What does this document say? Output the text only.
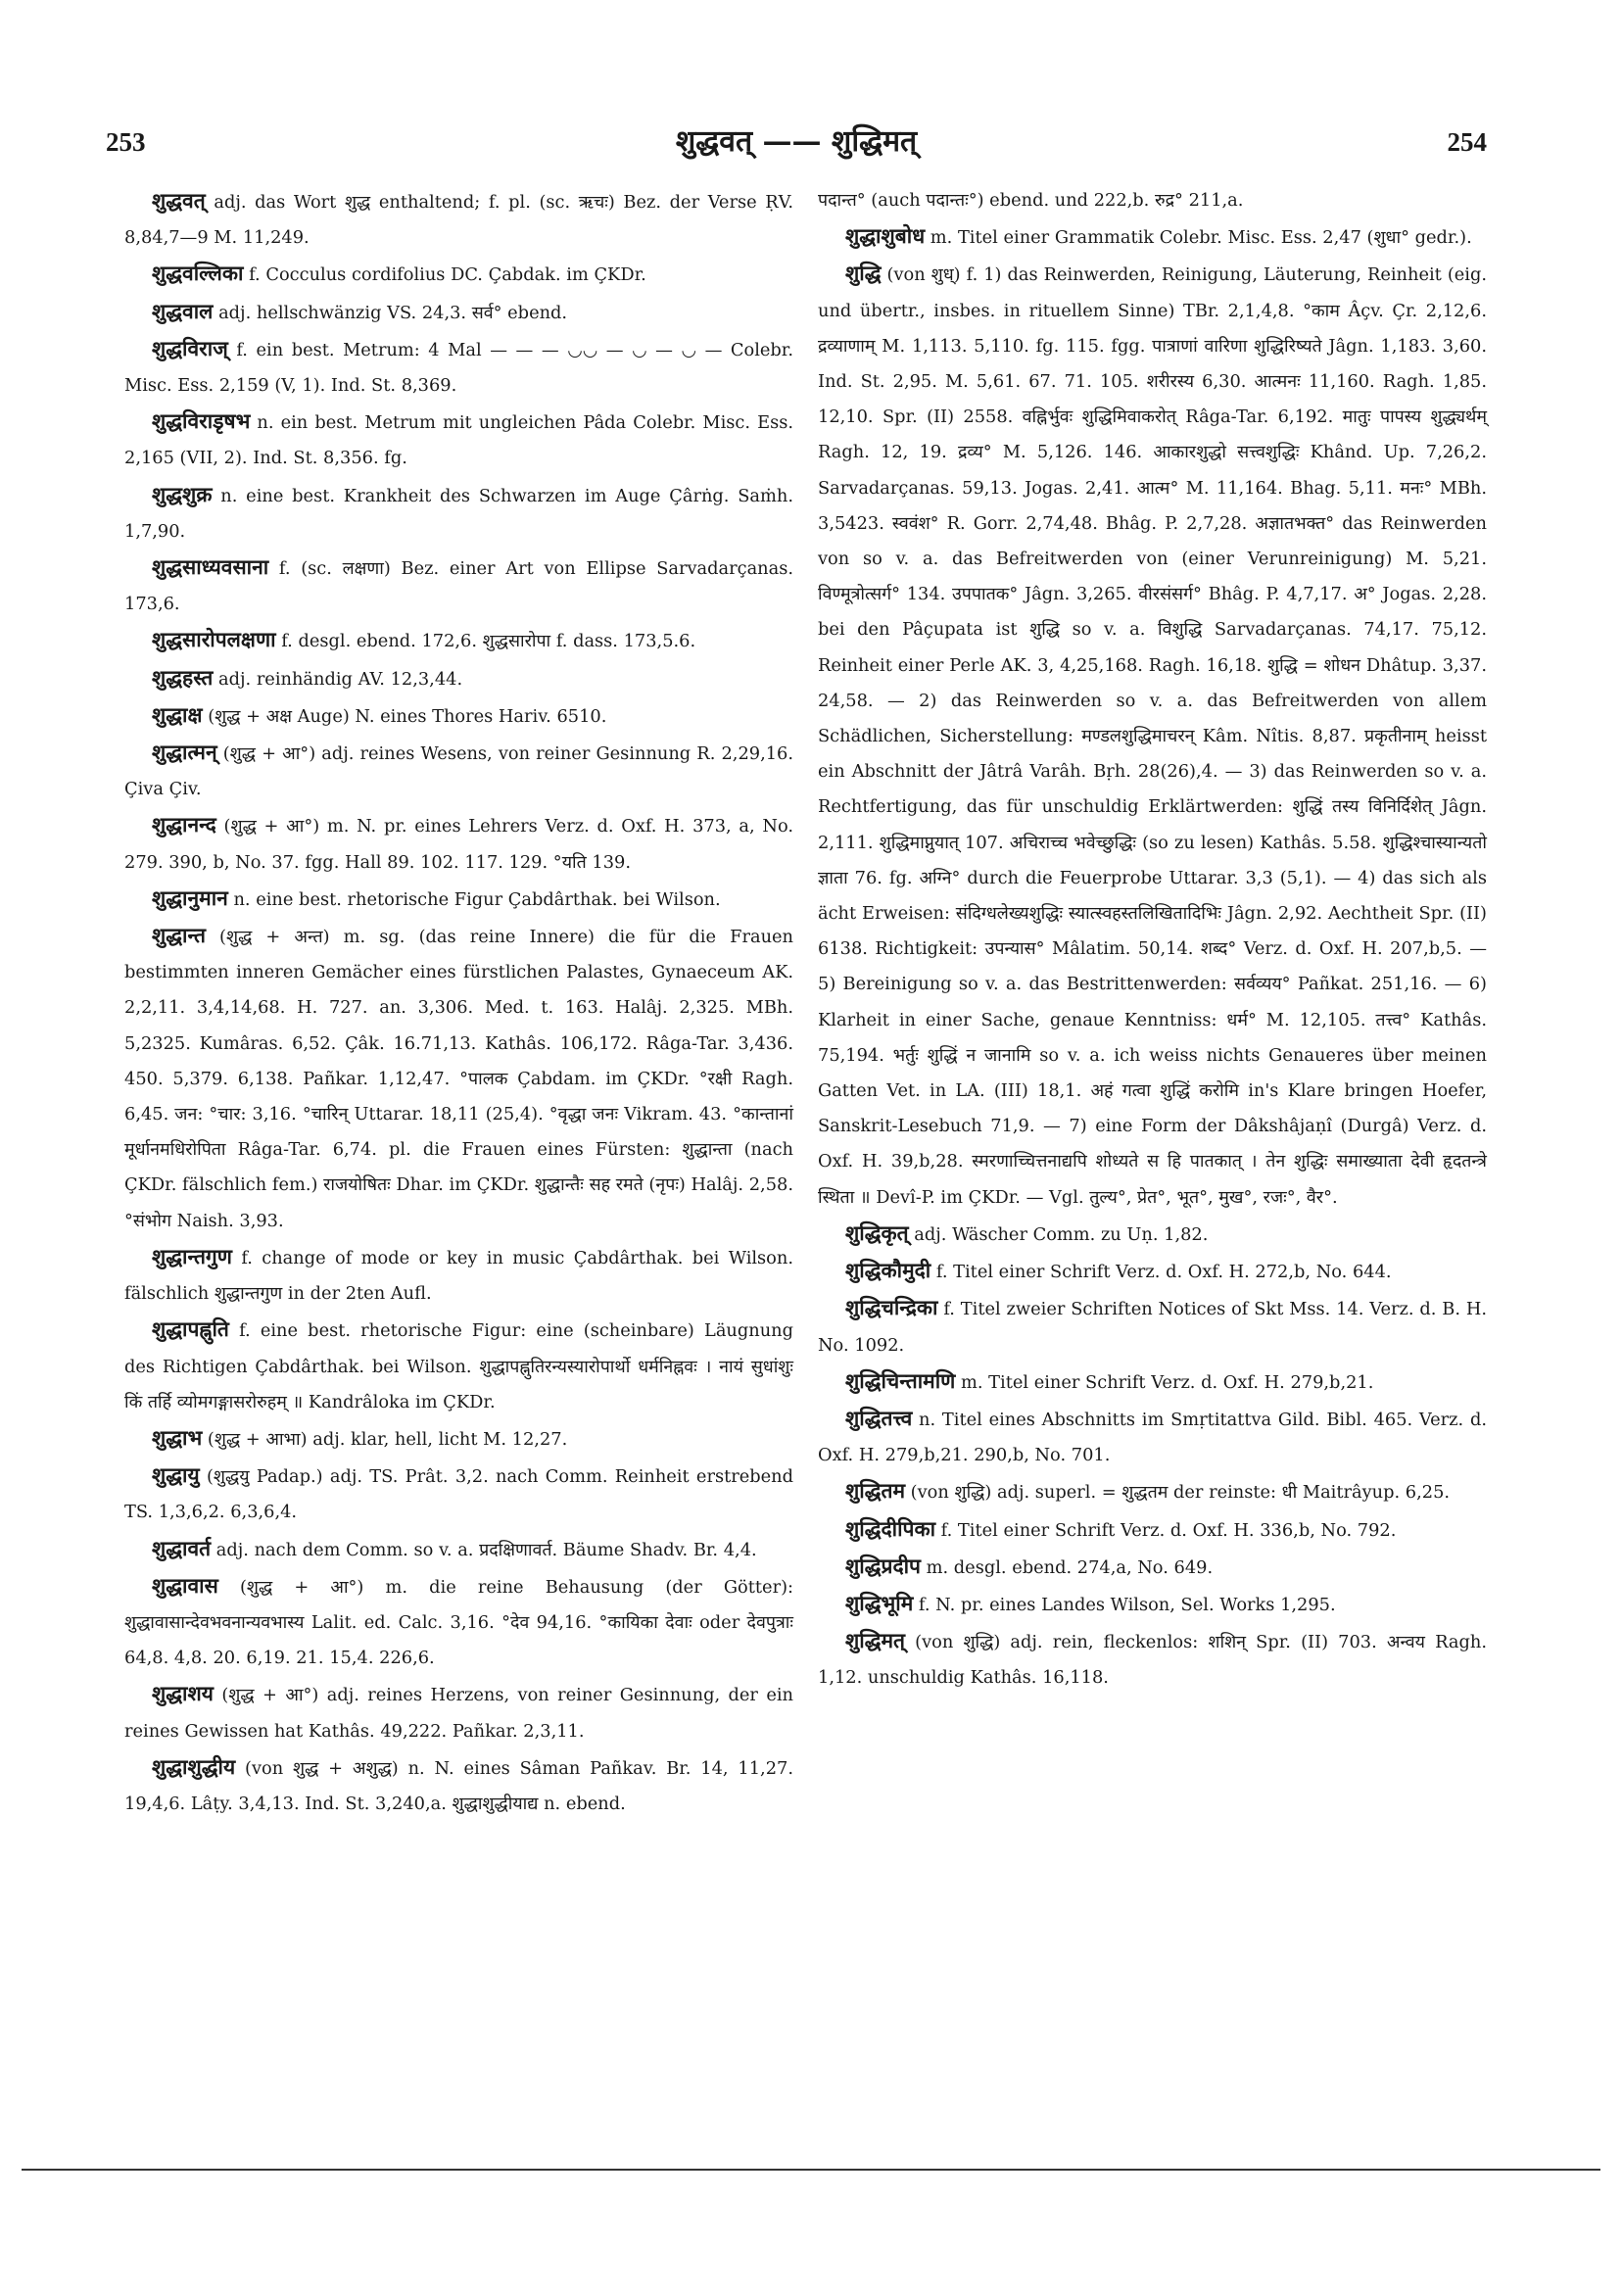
253	शुद्धवत् —— शुद्धिमत्	254

शुद्धवत् adj. das Wort शुद्ध enthaltend; f. pl. (sc. ऋचः) Bez. der Verse ṚV. 8,84,7—9 M. 11,249.

शुद्धवल्लिका f. Cocculus cordifolius DC. Çabdak. im ÇKDr.

शुद्धवाल adj. hellschwänzig VS. 24,3. सर्व° ebend.

शुद्धविराज् f. ein best. Metrum: 4 Mal — — — ◡◡ — ◡ — ◡ — Colebr. Misc. Ess. 2,159 (V, 1). Ind. St. 8,369.

शुद्धविराडृषभ n. ein best. Metrum mit ungleichen Pâda Colebr. Misc. Ess. 2,165 (VII, 2). Ind. St. 8,356. fg.

शुद्धशुक्र n. eine best. Krankheit des Schwarzen im Auge Çârṅg. Saṁh. 1,7,90.

शुद्धसाध्यवसाना f. (sc. लक्षणा) Bez. einer Art von Ellipse Sarvadarçanas. 173,6.

शुद्धसारोपलक्षणा f. desgl. ebend. 172,6. शुद्धसारोपा f. dass. 173,5.6.

शुद्धहस्त adj. reinhändig AV. 12,3,44.

शुद्धाक्ष (शुद्ध + अक्ष Auge) N. eines Thores Hariv. 6510.

शुद्धात्मन् (शुद्ध + आ°) adj. reines Wesens, von reiner Gesinnung R. 2,29,16. Çiva Çiv.

शुद्धानन्द (शुद्ध + आ°) m. N. pr. eines Lehrers Verz. d. Oxf. H. 373, a, No. 279. 390, b, No. 37. fgg. Hall 89. 102. 117. 129. °यति 139.

शुद्धानुमान n. eine best. rhetorische Figur Çabdârthak. bei Wilson.

शुद्धान्त (शुद्ध + अन्त) m. sg. (das reine Innere) die für die Frauen bestimmten inneren Gemächer eines fürstlichen Palastes, Gynaeceum AK. 2,2,11. 3,4,14,68. H. 727. an. 3,306. Med. t. 163. Halâj. 2,325. MBh. 5,2325. Kumâras. 6,52. Çâk. 16.71,13. Kathâs. 106,172. Râga-Tar. 3,436. 450. 5,379. 6,138. Pañkar. 1,12,47. °पालक Çabdam. im ÇKDr. °रक्षी Ragh. 6,45. जन: °चार: 3,16. °चारिन् Uttarar. 18,11 (25,4). °वृद्धा जनः Vikram. 43. °कान्तानां मूर्धानमधिरोपिता Râga-Tar. 6,74. pl. die Frauen eines Fürsten: शुद्धान्ता (nach ÇKDr. fälschlich fem.) राजयोषितः Dhar. im ÇKDr. शुद्धान्तैः सह रमते (नृपः) Halâj. 2,58. °संभोग Naish. 3,93.

शुद्धान्तगुण f. change of mode or key in music Çabdârthak. bei Wilson. fälschlich शुद्धान्तगुण in der 2ten Aufl.

शुद्धापह्नुति f. eine best. rhetorische Figur: eine (scheinbare) Läugnung des Richtigen Çabdârthak. bei Wilson. शुद्धापह्नुतिरन्यस्यारोपार्थो धर्मनिह्नवः । नायं सुधांशुः किं तर्हि व्योमगङ्गासरोरुहम् ॥ Kandrâloka im ÇKDr.

शुद्धाभ (शुद्ध + आभा) adj. klar, hell, licht M. 12,27.

शुद्धायु (शुद्धयु Padap.) adj. TS. Prât. 3,2. nach Comm. Reinheit erstrebend TS. 1,3,6,2. 6,3,6,4.

शुद्धावर्त adj. nach dem Comm. so v. a. प्रदक्षिणावर्त. Bäume Shadv. Br. 4,4.

शुद्धावास (शुद्ध + आ°) m. die reine Behausung (der Götter): शुद्धावासान्देवभवनान्यवभास्य Lalit. ed. Calc. 3,16. °देव 94,16. °कायिका देवाः oder देवपुत्राः 64,8. 4,8. 20. 6,19. 21. 15,4. 226,6.

शुद्धाशय (शुद्ध + आ°) adj. reines Herzens, von reiner Gesinnung, der ein reines Gewissen hat Kathâs. 49,222. Pañkar. 2,3,11.

शुद्धाशुद्धीय (von शुद्ध + अशुद्ध) n. N. eines Sâman Pañkav. Br. 14, 11,27. 19,4,6. Lâṭy. 3,4,13. Ind. St. 3,240,a. शुद्धाशुद्धीयाद्य n. ebend.

पदान्त° (auch पदान्तः°) ebend. und 222,b. रुद्र° 211,a.

शुद्धाशुबोध m. Titel einer Grammatik Colebr. Misc. Ess. 2,47 (शुधा° gedr.).

शुद्धि (von शुध्) f. 1) das Reinwerden, Reinigung, Läuterung, Reinheit (eig. und übertr., insbes. in rituellem Sinne) TBr. 2,1,4,8. °काम Âçv. Çr. 2,12,6. द्रव्याणाम् M. 1,113. 5,110. fg. 115. fgg. पात्राणां वारिणा शुद्धिरिष्यते Jâgn. 1,183. 3,60. Ind. St. 2,95. M. 5,61. 67. 71. 105. शरीरस्य 6,30. आत्मनः 11,160. Ragh. 1,85. 12,10. Spr. (II) 2558. वह्निर्भुवः शुद्धिमिवाकरोत् Râga-Tar. 6,192. मातुः पापस्य शुद्ध्यर्थम् Ragh. 12, 19. द्रव्य° M. 5,126. 146. आकारशुद्धो सत्त्वशुद्धिः Khând. Up. 7,26,2. Sarvadarçanas. 59,13. Jogas. 2,41. आत्म° M. 11,164. Bhag. 5,11. मनः° MBh. 3,5423. स्ववंश° R. Gorr. 2,74,48. Bhâg. P. 2,7,28. अज्ञातभक्त° das Reinwerden von so v. a. das Befreitwerden von (einer Verunreinigung) M. 5,21. विण्मूत्रोत्सर्ग° 134. उपपातक° Jâgn. 3,265. वीरसंसर्ग° Bhâg. P. 4,7,17. अ° Jogas. 2,28. bei den Pâçupata ist शुद्धि so v. a. विशुद्धि Sarvadarçanas. 74,17. 75,12. Reinheit einer Perle AK. 3, 4,25,168. Ragh. 16,18. शुद्धि = शोधन Dhâtup. 3,37. 24,58. — 2) das Reinwerden so v. a. das Befreitwerden von allem Schädlichen, Sicherstellung: मण्डलशुद्धिमाचरन् Kâm. Nîtis. 8,87. प्रकृतीनाम् heisst ein Abschnitt der Jâtrâ Varâh. Bṛh. 28(26),4. — 3) das Reinwerden so v. a. Rechtfertigung, das für unschuldig Erklärtwerden: शुद्धिं तस्य विनिर्दिशेत् Jâgn. 2,111. शुद्धिमाप्नुयात् 107. अचिराच्च भवेच्छुद्धिः (so zu lesen) Kathâs. 5.58. शुद्धिश्चास्यान्यतो ज्ञाता 76. fg. अग्नि° durch die Feuerprobe Uttarar. 3,3 (5,1). — 4) das sich als ächt Erweisen: संदिग्धलेख्यशुद्धिः स्यात्स्वहस्तलिखितादिभिः Jâgn. 2,92. Aechtheit Spr. (II) 6138. Richtigkeit: उपन्यास° Mâlatim. 50,14. शब्द° Verz. d. Oxf. H. 207,b,5. — 5) Bereinigung so v. a. das Bestrittenwerden: सर्वव्यय° Pañkat. 251,16. — 6) Klarheit in einer Sache, genaue Kenntniss: धर्म° M. 12,105. तत्त्व° Kathâs. 75,194. भर्तुः शुद्धिं न जानामि so v. a. ich weiss nichts Genaueres über meinen Gatten Vet. in LA. (III) 18,1. अहं गत्वा शुद्धिं करोमि in's Klare bringen Hoefer, Sanskrit-Lesebuch 71,9. — 7) eine Form der Dâkshâjaṇî (Durgâ) Verz. d. Oxf. H. 39,b,28. स्मरणाच्चित्तनाद्यपि शोध्यते स हि पातकात् । तेन शुद्धिः समाख्याता देवी हृदतन्त्रे स्थिता ॥ Devî-P. im ÇKDr. — Vgl. तुल्य°, प्रेत°, भूत°, मुख°, रजः°, वैर°.

शुद्धिकृत् adj. Wäscher Comm. zu Uṇ. 1,82.

शुद्धिकौमुदी f. Titel einer Schrift Verz. d. Oxf. H. 272,b, No. 644.

शुद्धिचन्द्रिका f. Titel zweier Schriften Notices of Skt Mss. 14. Verz. d. B. H. No. 1092.

शुद्धिचिन्तामणि m. Titel einer Schrift Verz. d. Oxf. H. 279,b,21.

शुद्धितत्त्व n. Titel eines Abschnitts im Smṛtitattva Gild. Bibl. 465. Verz. d. Oxf. H. 279,b,21. 290,b, No. 701.

शुद्धितम (von शुद्धि) adj. superl. = शुद्धतम der reinste: धी Maitrâyup. 6,25.

शुद्धिदीपिका f. Titel einer Schrift Verz. d. Oxf. H. 336,b, No. 792.

शुद्धिप्रदीप m. desgl. ebend. 274,a, No. 649.

शुद्धिभूमि f. N. pr. eines Landes Wilson, Sel. Works 1,295.

शुद्धिमत् (von शुद्धि) adj. rein, fleckenlos: शशिन् Spr. (II) 703. अन्वय Ragh. 1,12. unschuldig Kathâs. 16,118.
